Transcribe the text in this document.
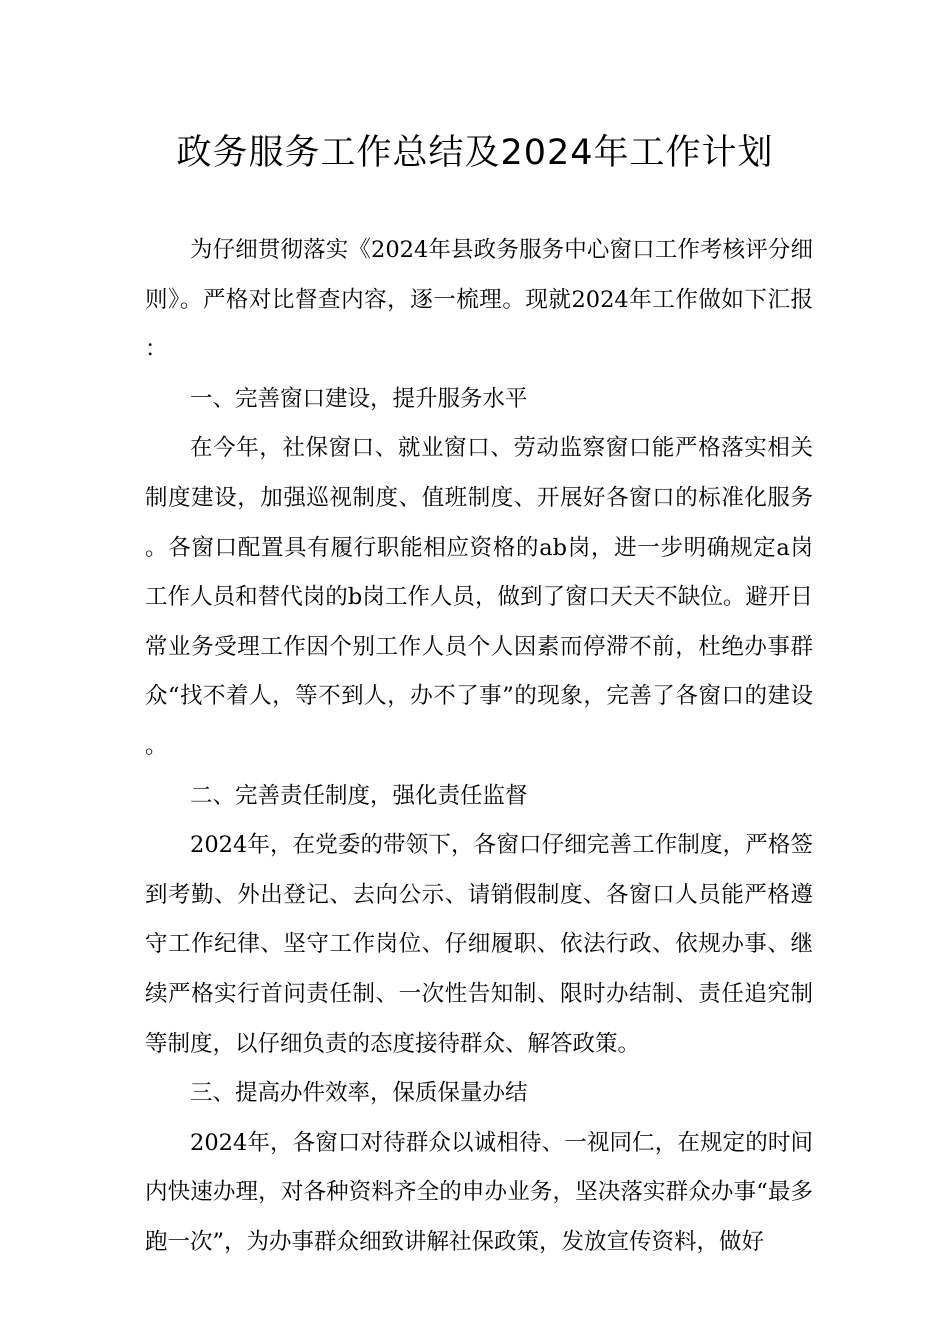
政务服务工作总结及2024年工作计划

为仔细贯彻落实《2024年县政务服务中心窗口工作考核评分细则》。严格对比督查内容，逐一梳理。现就2024年工作做如下汇报：

一、完善窗口建设，提升服务水平

在今年，社保窗口、就业窗口、劳动监察窗口能严格落实相关制度建设，加强巡视制度、值班制度、开展好各窗口的标准化服务。各窗口配置具有履行职能相应资格的ab岗，进一步明确规定a岗工作人员和替代岗的b岗工作人员，做到了窗口天天不缺位。避开日常业务受理工作因个别工作人员个人因素而停滞不前，杜绝办事群众“找不着人，等不到人，办不了事”的现象，完善了各窗口的建设。

二、完善责任制度，强化责任监督

2024年，在党委的带领下，各窗口仔细完善工作制度，严格签到考勤、外出登记、去向公示、请销假制度、各窗口人员能严格遵守工作纪律、坚守工作岗位、仔细履职、依法行政、依规办事、继续严格实行首问责任制、一次性告知制、限时办结制、责任追究制等制度，以仔细负责的态度接待群众、解答政策。

三、提高办件效率，保质保量办结

2024年，各窗口对待群众以诚相待、一视同仁，在规定的时间内快速办理，对各种资料齐全的申办业务，坚决落实群众办事“最多跑一次”，为办事群众细致讲解社保政策，发放宣传资料，做好
